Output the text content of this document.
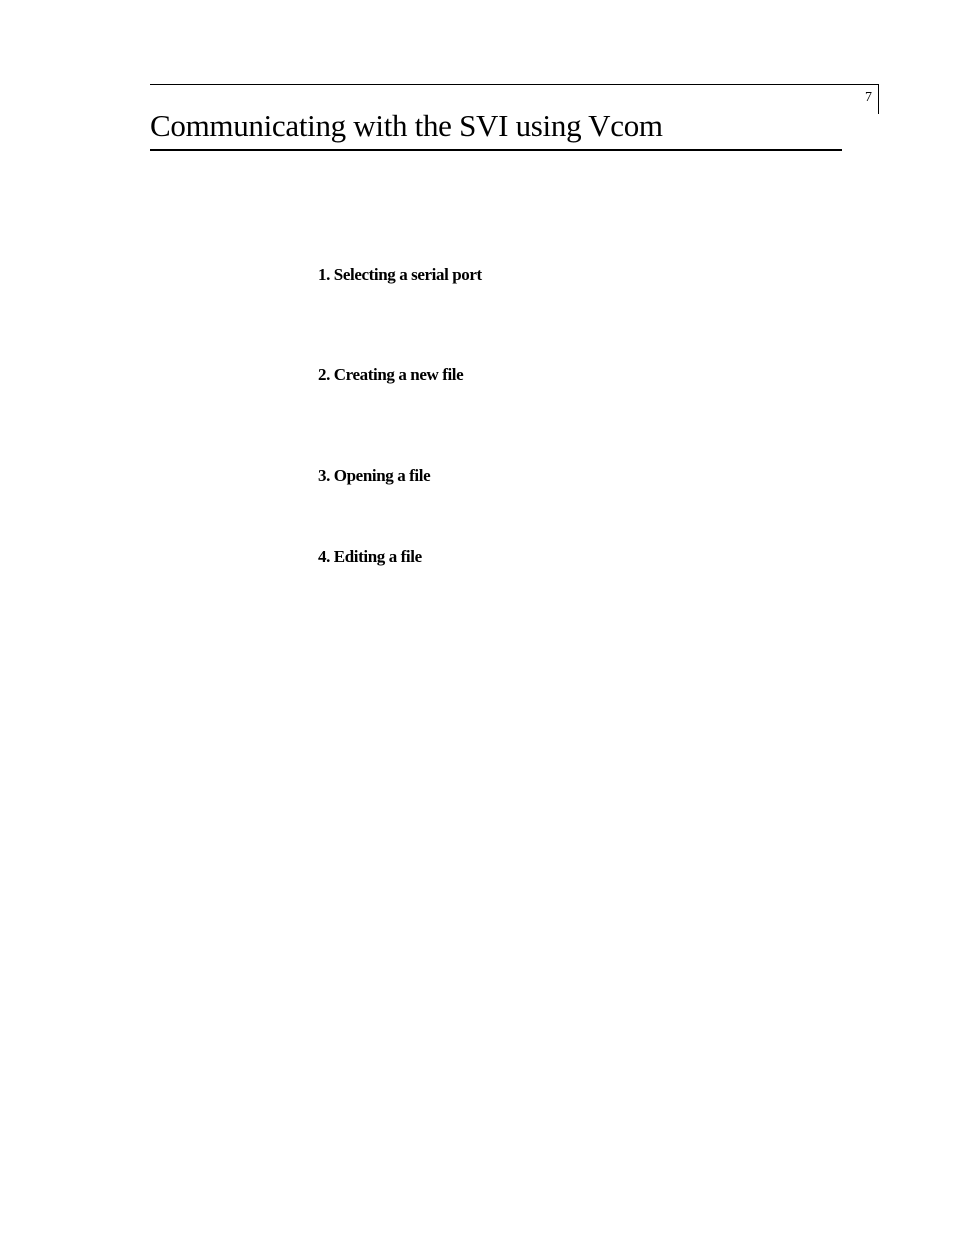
7
Communicating with the SVI using Vcom
1. Selecting a serial port
2. Creating a new file
3. Opening a file
4. Editing a file
